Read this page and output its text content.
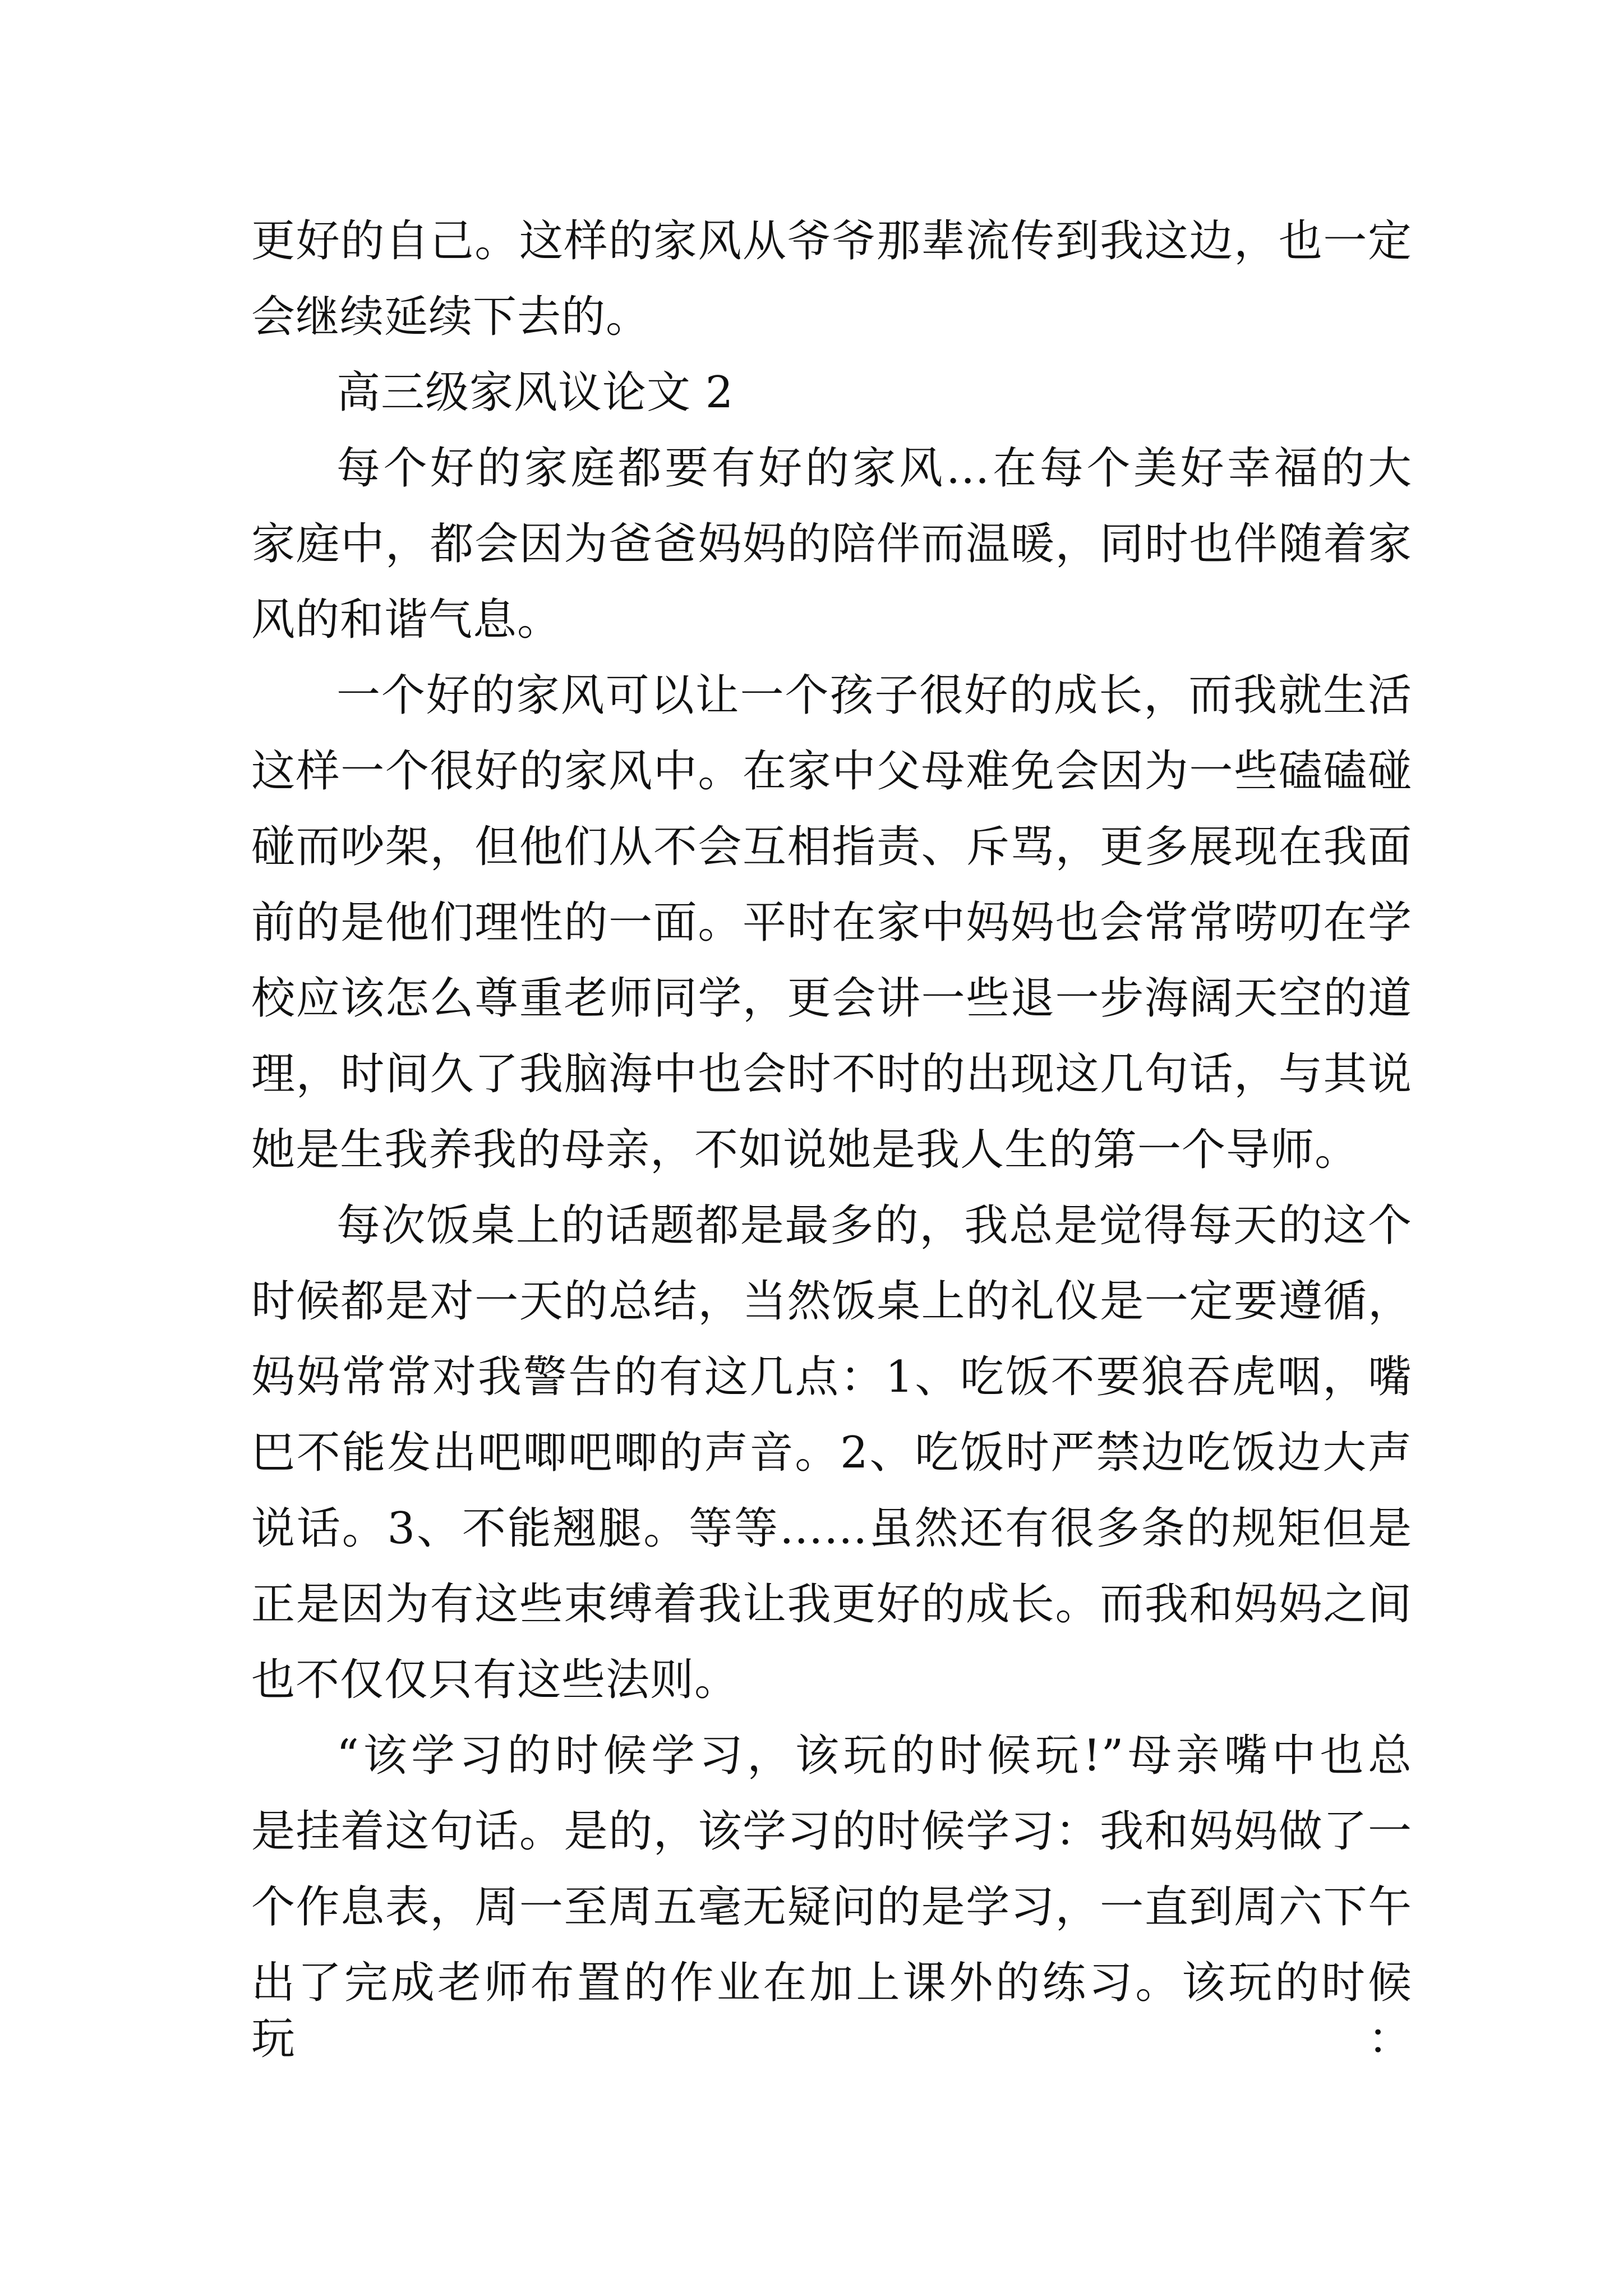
更好的自己。这样的家风从爷爷那辈流传到我这边，也一定
会继续延续下去的。
高三级家风议论文 2
每个好的家庭都要有好的家风…在每个美好幸福的大
家庭中，都会因为爸爸妈妈的陪伴而温暖，同时也伴随着家
风的和谐气息。
一个好的家风可以让一个孩子很好的成长，而我就生活
这样一个很好的家风中。在家中父母难免会因为一些磕磕碰
碰而吵架，但他们从不会互相指责、斥骂，更多展现在我面
前的是他们理性的一面。平时在家中妈妈也会常常唠叨在学
校应该怎么尊重老师同学，更会讲一些退一步海阔天空的道
理，时间久了我脑海中也会时不时的出现这几句话，与其说
她是生我养我的母亲，不如说她是我人生的第一个导师。
每次饭桌上的话题都是最多的，我总是觉得每天的这个
时候都是对一天的总结，当然饭桌上的礼仪是一定要遵循，
妈妈常常对我警告的有这几点：1、吃饭不要狼吞虎咽，嘴
巴不能发出吧唧吧唧的声音。2、吃饭时严禁边吃饭边大声
说话。3、不能翘腿。等等……虽然还有很多条的规矩但是
正是因为有这些束缚着我让我更好的成长。而我和妈妈之间
也不仅仅只有这些法则。
“该学习的时候学习，该玩的时候玩!”母亲嘴中也总
是挂着这句话。是的，该学习的时候学习：我和妈妈做了一
个作息表，周一至周五毫无疑问的是学习，一直到周六下午
出了完成老师布置的作业在加上课外的练习。该玩的时候玩：
